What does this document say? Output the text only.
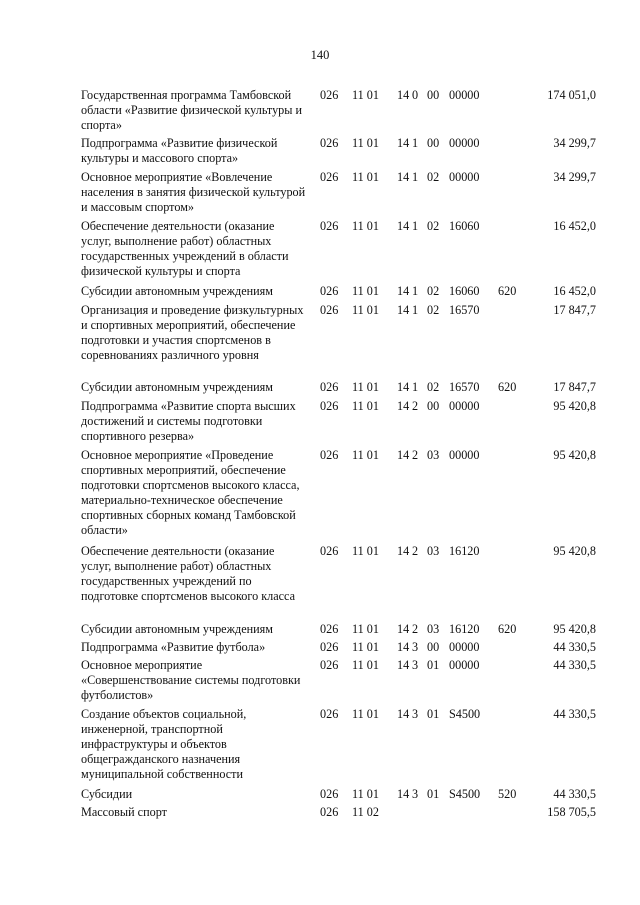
140
Государственная программа Тамбовской области «Развитие физической культуры и спорта»
026 11 01 14 0 00 00000	174 051,0
Подпрограмма «Развитие физической культуры и массового спорта»
026 11 01 14 1 00 00000	34 299,7
Основное мероприятие «Вовлечение населения в занятия физической культурой и массовым спортом»
026 11 01 14 1 02 00000	34 299,7
Обеспечение деятельности (оказание услуг, выполнение работ) областных государственных учреждений в области физической культуры и спорта
026 11 01 14 1 02 16060	16 452,0
Субсидии автономным учреждениям	026 11 01 14 1 02 16060 620	16 452,0
Организация и проведение физкультурных и спортивных мероприятий, обеспечение подготовки и участия спортсменов в соревнованиях различного уровня
026 11 01 14 1 02 16570	17 847,7
Субсидии автономным учреждениям	026 11 01 14 1 02 16570 620	17 847,7
Подпрограмма «Развитие спорта высших достижений и системы подготовки спортивного резерва»
026 11 01 14 2 00 00000	95 420,8
Основное мероприятие «Проведение спортивных мероприятий, обеспечение подготовки спортсменов высокого класса, материально-техническое обеспечение спортивных сборных команд Тамбовской области»
026 11 01 14 2 03 00000	95 420,8
Обеспечение деятельности (оказание услуг, выполнение работ) областных государственных учреждений по подготовке спортсменов высокого класса
026 11 01 14 2 03 16120	95 420,8
Субсидии автономным учреждениям	026 11 01 14 2 03 16120 620	95 420,8
Подпрограмма «Развитие футбола»	026 11 01 14 3 00 00000	44 330,5
Основное мероприятие «Совершенствование системы подготовки футболистов»
026 11 01 14 3 01 00000	44 330,5
Создание объектов социальной, инженерной, транспортной инфраструктуры и объектов общегражданского назначения муниципальной собственности
026 11 01 14 3 01 S4500	44 330,5
Субсидии	026 11 01 14 3 01 S4500 520	44 330,5
Массовый спорт	026 11 02	158 705,5
